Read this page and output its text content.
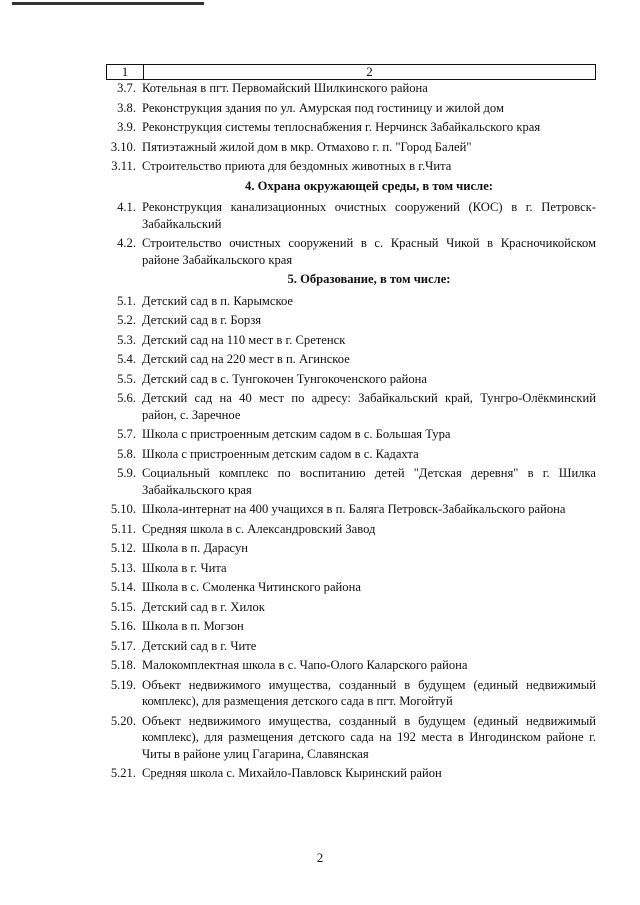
1	2
3.7. Котельная в пгт. Первомайский Шилкинского района
3.8. Реконструкция здания по ул. Амурская под гостиницу и жилой дом
3.9. Реконструкция системы теплоснабжения г. Нерчинск Забайкальского края
3.10. Пятиэтажный жилой дом в мкр. Отмахово г. п. "Город Балей"
3.11. Строительство приюта для бездомных животных в г.Чита
4. Охрана окружающей среды, в том числе:
4.1. Реконструкция канализационных очистных сооружений (КОС) в г. Петровск-Забайкальский
4.2. Строительство очистных сооружений в с. Красный Чикой в Красночикойском районе Забайкальского края
5. Образование, в том числе:
5.1. Детский сад в п. Карымское
5.2. Детский сад в г. Борзя
5.3. Детский сад на 110 мест в г. Сретенск
5.4. Детский сад на 220 мест в п. Агинское
5.5. Детский сад в с. Тунгокочен Тунгокоченского района
5.6. Детский сад на 40 мест по адресу: Забайкальский край, Тунгро-Олёкминский район, с. Заречное
5.7. Школа с пристроенным детским садом в с. Большая Тура
5.8. Школа с пристроенным детским садом в с. Кадахта
5.9. Социальный комплекс по воспитанию детей "Детская деревня" в г. Шилка Забайкальского края
5.10. Школа-интернат на 400 учащихся в п. Баляга Петровск-Забайкальского района
5.11. Средняя школа в с. Александровский Завод
5.12. Школа в п. Дарасун
5.13. Школа в г. Чита
5.14. Школа в с. Смоленка Читинского района
5.15. Детский сад в г. Хилок
5.16. Школа в п. Могзон
5.17. Детский сад в г. Чите
5.18. Малокомплектная школа в с. Чапо-Олого Каларского района
5.19. Объект недвижимого имущества, созданный в будущем (единый недвижимый комплекс), для размещения детского сада в пгт. Могойтуй
5.20. Объект недвижимого имущества, созданный в будущем (единый недвижимый комплекс), для размещения детского сада на 192 места в Ингодинском районе г. Читы в районе улиц Гагарина, Славянская
5.21. Средняя школа с. Михайло-Павловск Кыринский район
2
